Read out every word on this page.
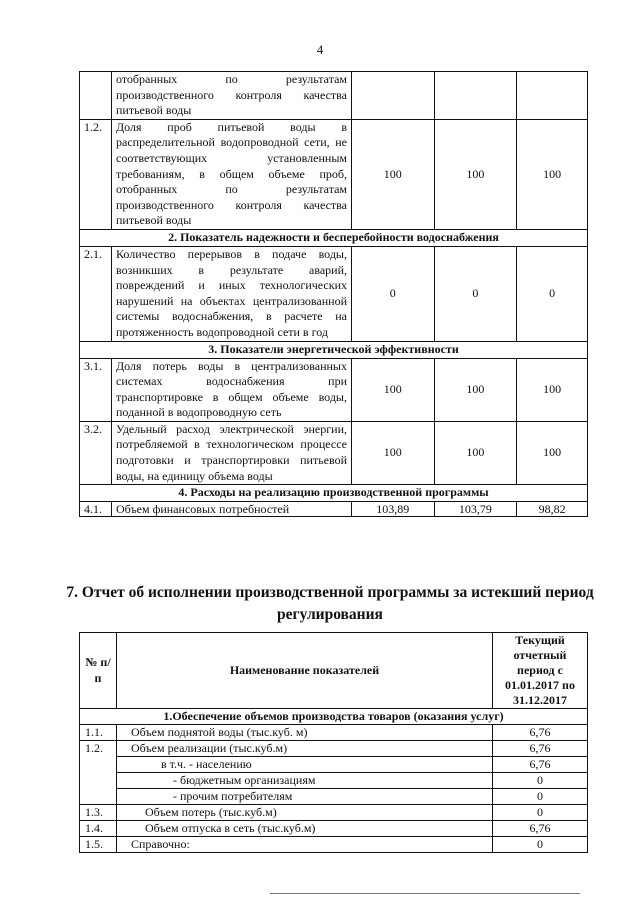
4
	отобранных по результатам производственного контроля качества питьевой воды			
1.2.	Доля проб питьевой воды в распределительной водопроводной сети, не соответствующих установленным требованиям, в общем объеме проб, отобранных по результатам производственного контроля качества питьевой воды	100	100	100
2. Показатель надежности и бесперебойности водоснабжения				
2.1.	Количество перерывов в подаче воды, возникших в результате аварий, повреждений и иных технологических нарушений на объектах централизованной системы водоснабжения, в расчете на протяженность водопроводной сети в год	0	0	0
3. Показатели энергетической эффективности				
3.1.	Доля потерь воды в централизованных системах водоснабжения при транспортировке в общем объеме воды, поданной в водопроводную сеть	100	100	100
3.2.	Удельный расход электрической энергии, потребляемой в технологическом процессе подготовки и транспортировки питьевой воды, на единицу объема воды	100	100	100
4. Расходы на реализацию производственной программы				
4.1.	Объем финансовых потребностей	103,89	103,79	98,82
7. Отчет об исполнении производственной программы за истекший период регулирования
№ п/п	Наименование показателей	Текущий отчетный период с 01.01.2017 по 31.12.2017
1.Обеспечение объемов производства товаров (оказания услуг)		
1.1.	Объем поднятой воды (тыс.куб. м)	6,76
1.2.	Объем реализации (тыс.куб.м)	6,76
	в т.ч. - населению	6,76
	- бюджетным организациям	0
	- прочим потребителям	0
1.3.	Объем потерь (тыс.куб.м)	0
1.4.	Объем отпуска в сеть (тыс.куб.м)	6,76
1.5.	Справочно:	0
